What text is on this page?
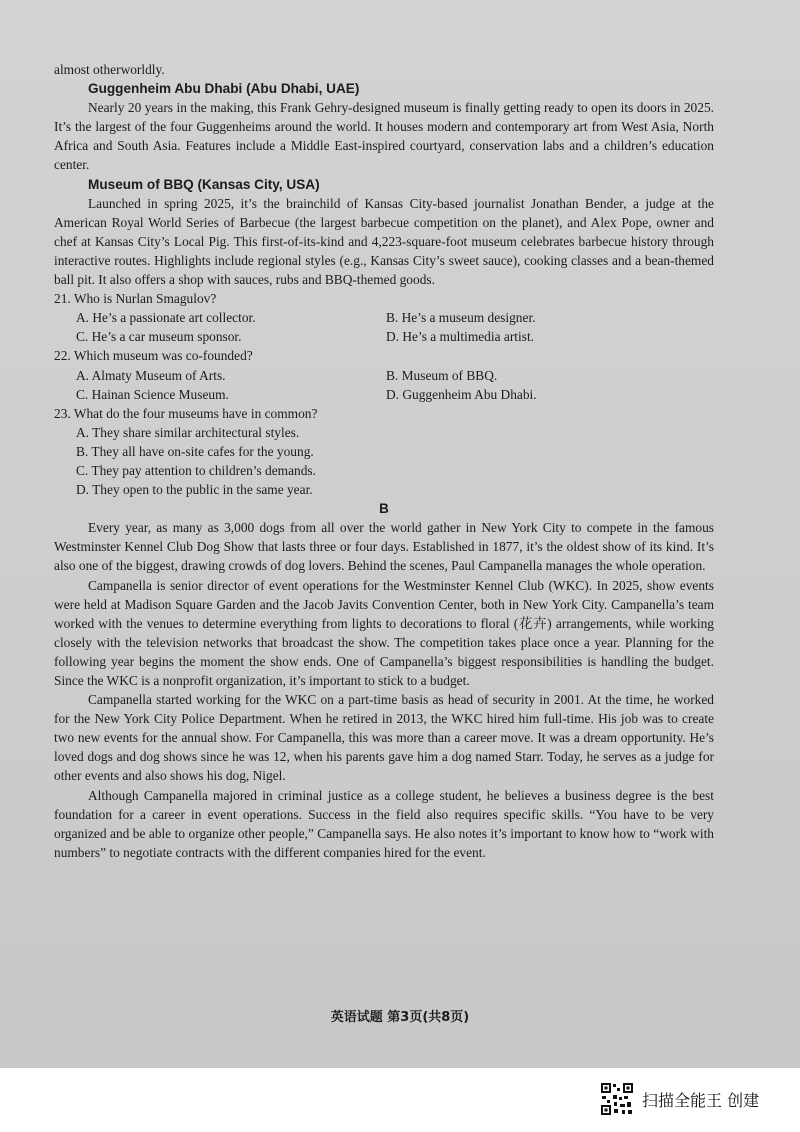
almost otherworldly.

Guggenheim Abu Dhabi (Abu Dhabi, UAE)

Nearly 20 years in the making, this Frank Gehry-designed museum is finally getting ready to open its doors in 2025. It’s the largest of the four Guggenheims around the world. It houses modern and contemporary art from West Asia, North Africa and South Asia. Features include a Middle East-inspired courtyard, conservation labs and a children’s education center.

Museum of BBQ (Kansas City, USA)

Launched in spring 2025, it’s the brainchild of Kansas City-based journalist Jonathan Bender, a judge at the American Royal World Series of Barbecue (the largest barbecue competition on the planet), and Alex Pope, owner and chef at Kansas City’s Local Pig. This first-of-its-kind and 4,223-square-foot museum celebrates barbecue history through interactive routes. Highlights include regional styles (e.g., Kansas City’s sweet sauce), cooking classes and a bean-themed ball pit. It also offers a shop with sauces, rubs and BBQ-themed goods.

21. Who is Nurlan Smagulov?

A. He’s a passionate art collector.	B. He’s a museum designer.
C. He’s a car museum sponsor.	D. He’s a multimedia artist.

22. Which museum was co-founded?

A. Almaty Museum of Arts.	B. Museum of BBQ.
C. Hainan Science Museum.	D. Guggenheim Abu Dhabi.

23. What do the four museums have in common?

A. They share similar architectural styles.
B. They all have on-site cafes for the young.
C. They pay attention to children’s demands.
D. They open to the public in the same year.

B

Every year, as many as 3,000 dogs from all over the world gather in New York City to compete in the famous Westminster Kennel Club Dog Show that lasts three or four days. Established in 1877, it’s the oldest show of its kind. It’s also one of the biggest, drawing crowds of dog lovers. Behind the scenes, Paul Campanella manages the whole operation.

Campanella is senior director of event operations for the Westminster Kennel Club (WKC). In 2025, show events were held at Madison Square Garden and the Jacob Javits Convention Center, both in New York City. Campanella’s team worked with the venues to determine everything from lights to decorations to floral (花卉) arrangements, while working closely with the television networks that broadcast the show. The competition takes place once a year. Planning for the following year begins the moment the show ends. One of Campanella’s biggest responsibilities is handling the budget. Since the WKC is a nonprofit organization, it’s important to stick to a budget.

Campanella started working for the WKC on a part-time basis as head of security in 2001. At the time, he worked for the New York City Police Department. When he retired in 2013, the WKC hired him full-time. His job was to create two new events for the annual show. For Campanella, this was more than a career move. It was a dream opportunity. He’s loved dogs and dog shows since he was 12, when his parents gave him a dog named Starr. Today, he serves as a judge for other events and also shows his dog, Nigel.

Although Campanella majored in criminal justice as a college student, he believes a business degree is the best foundation for a career in event operations. Success in the field also requires specific skills. “You have to be very organized and be able to organize other people,” Campanella says. He also notes it’s important to know how to “work with numbers” to negotiate contracts with the different companies hired for the event.

英语试题 第3页(共8页)
扫描全能王 创建
